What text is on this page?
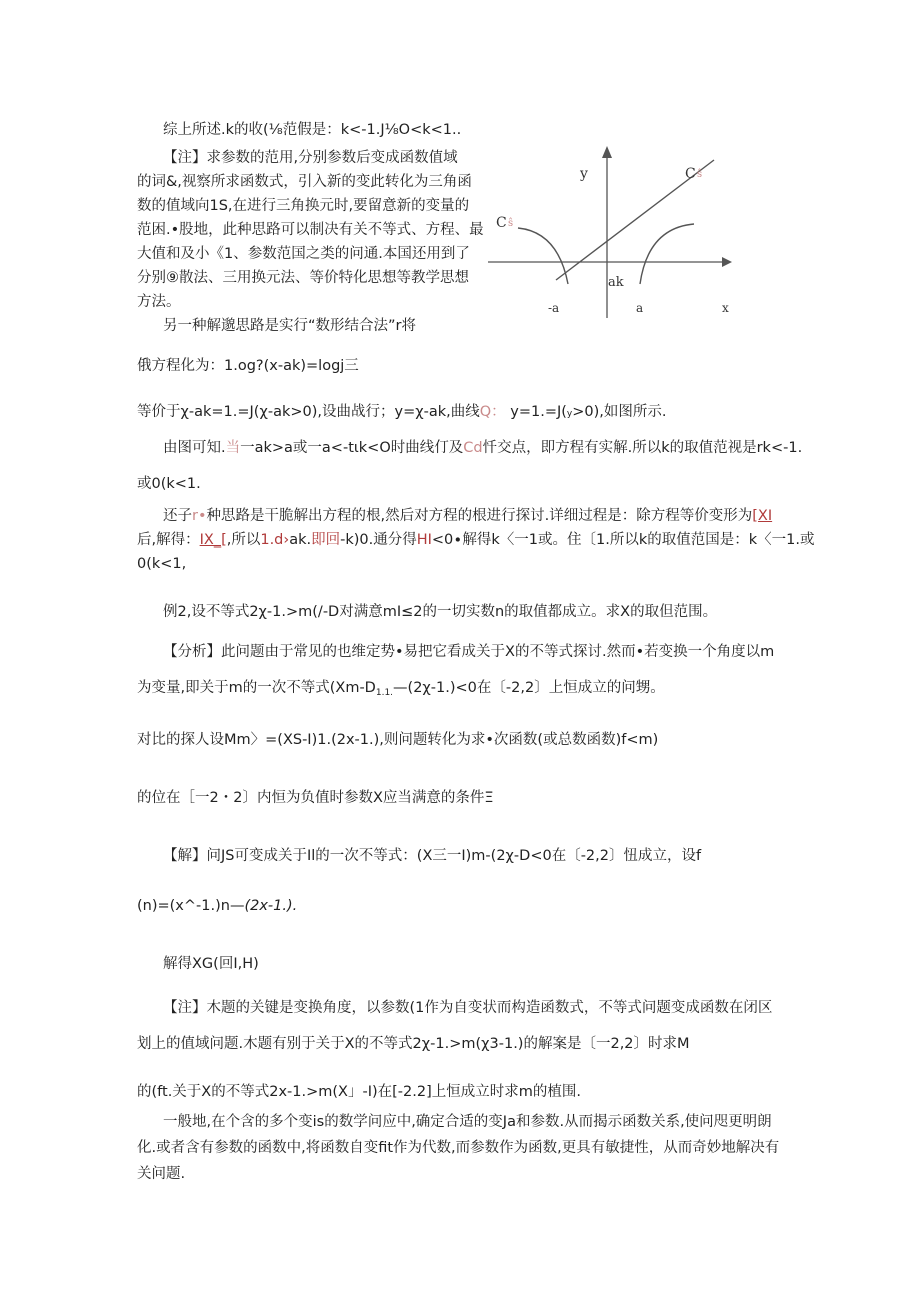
综上所述.k的收(⅛范假是：k<-1.J⅛O<k<1..
【注】求参数的范用,分别参数后变成函数值域
的词&,视察所求函数式，引入新的变此转化为三角函
数的值域向1S,在进行三角换元时,要留意新的变量的
范困.•股地，此种思路可以制决有关不等式、方程、最
大值和及小《1、参数范国之类的问通.本国还用到了
分别⑨散法、三用换元法、等价特化思想等教学思想
方法。
另一种解邈思路是实行“数形结合法”r将
俄方程化为：1.og?(x-ak)=logj三
等价于χ-ak=1.=J(χ-ak>0),设曲战行；y=χ-ak,曲线Q： y=1.=J(y>0),如图所示.
由图可知.当一ak>a或一a<-tιk<O时曲线仃及Cd忏交点，即方程有实解.所以k的取值范视是rk<-1.
或0(k<1.
还子r•种思路是干脆解出方程的根,然后对方程的根进行探讨.详细过程是：除方程等价变形为[XI
后,解得：IX_[,所以1.d›ak.即回-k)0.通分得HI<0∙解得k〈一1或。住〔1.所以k的取值范国是：k〈一1.或
0(k<1,
例2,设不等式2χ-1.>m(/-D对满意mI≤2的一切实数n的取值都成立。求X的取但范围。
【分析】此问题由于常见的也维定势•易把它看成关于X的不等式探讨.然而•若变换一个角度以m
为变量,即关于m的一次不等式($Xm-D_{1.1.}—(2\chi-1.)<0$在〔-2,2〕上恒成立的问甥。
对比的探人设Mm〉=(XS-I)1.(2x-1.),则问题转化为求•次函数(或总数函数)f<m)
的位在［一2・2〕内恒为负值时参数X应当满意的条件Ξ
【解】问JS可变成关于Il的一次不等式：(X三一I)m-(2χ-D<0在〔-2,2〕忸成立，设f
(n)=(x^-1.)n—(2x-1.).
解得XG(回I,H)
【注】木题的关键是变换角度，以参数(1作为自变状而构造函数式，不等式问题变成函数在闭区
划上的值域问题.木题有别于关于X的不等式2χ-1.>m(χ3-1.)的解案是〔一2,2〕时求M
的(ft.关于X的不等式2x-1.>m(X」-I)在[-2.2]上恒成立时求m的植围.
一般地,在个含的多个变is的数学问应中,确定合适的变Ja和参数.从而揭示函数关系,使问咫更明朗
化.或者含有参数的函数中,将函数自变fit作为代数,而参数作为函数,更具有敏捷性，从而奇妙地解决有
关问题.
y	C ŝ
C ŝ
ak
-a	a	x
